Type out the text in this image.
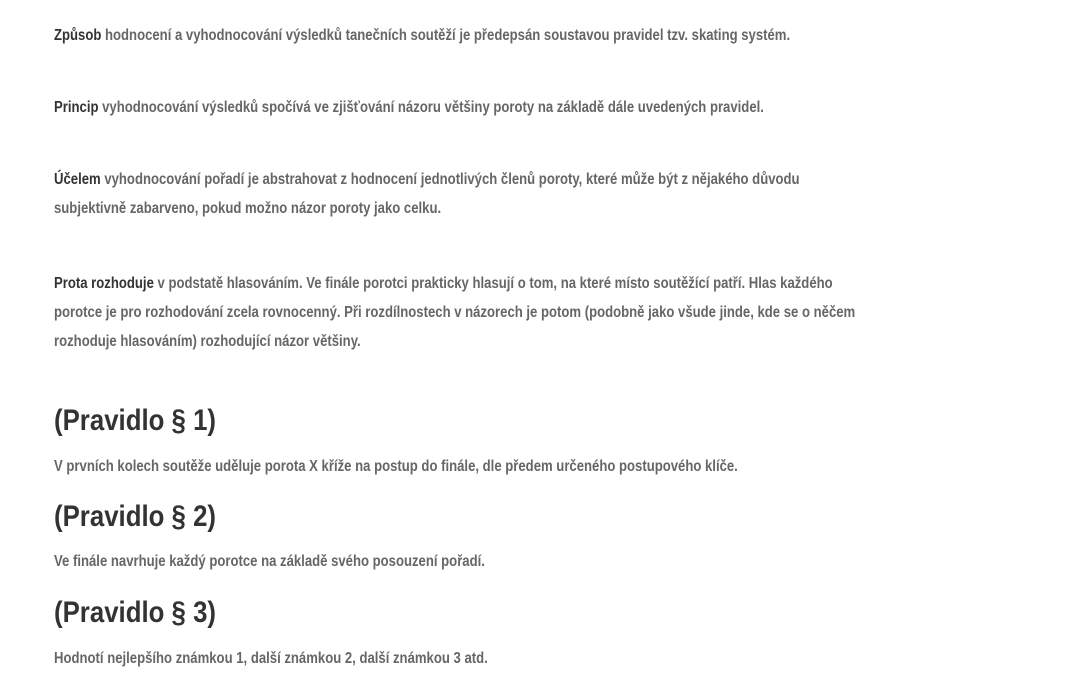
Způsob hodnocení a vyhodnocování výsledků tanečních soutěží je předepsán soustavou pravidel tzv. skating systém.

Princip vyhodnocování výsledků spočívá ve zjišťování názoru většiny poroty na základě dále uvedených pravidel.

Účelem vyhodnocování pořadí je abstrahovat z hodnocení jednotlivých členů poroty, které může být z nějakého důvodu
subjektivně zabarveno, pokud možno názor poroty jako celku.

Prota rozhoduje v podstatě hlasováním. Ve finále porotci prakticky hlasují o tom, na které místo soutěžící patří. Hlas každého
porotce je pro rozhodování zcela rovnocenný. Při rozdílnostech v názorech je potom (podobně jako všude jinde, kde se o něčem
rozhoduje hlasováním) rozhodující názor většiny.

(Pravidlo § 1)

V prvních kolech soutěže uděluje porota X kříže na postup do finále, dle předem určeného postupového klíče.

(Pravidlo § 2)

Ve finále navrhuje každý porotce na základě svého posouzení pořadí.

(Pravidlo § 3)

Hodnotí nejlepšího známkou 1, další známkou 2, další známkou 3 atd.
